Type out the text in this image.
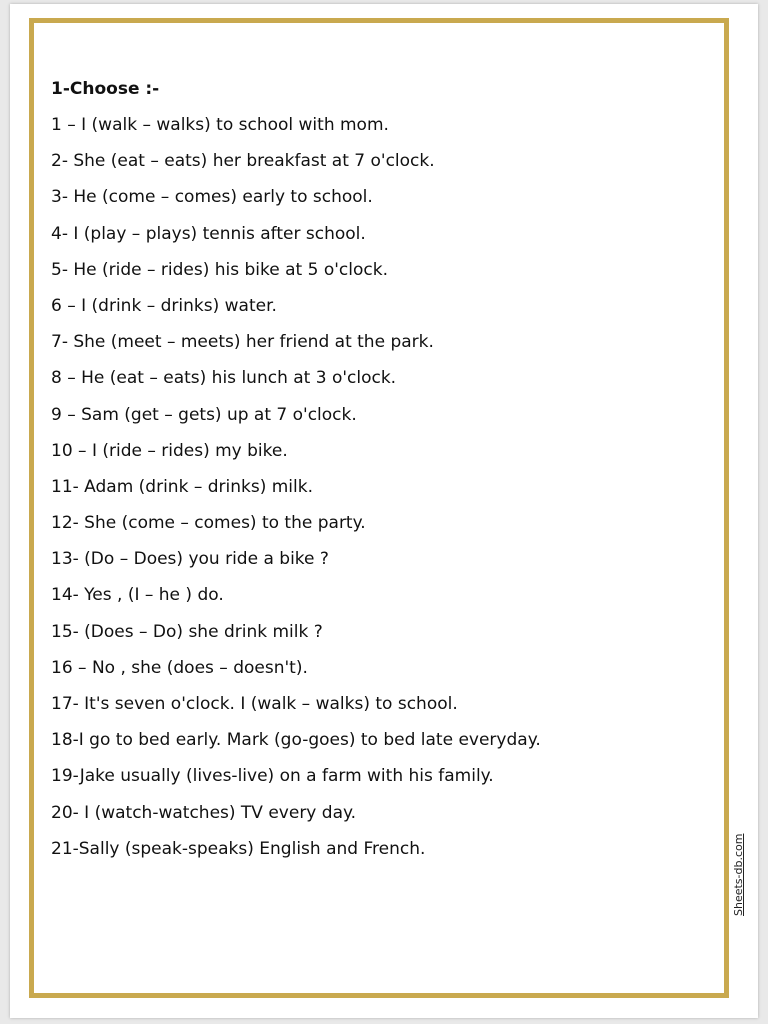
1-Choose :-
1 – I (walk – walks) to school with mom.
2- She (eat – eats) her breakfast at 7 o'clock.
3- He (come – comes) early to school.
4- I (play – plays) tennis after school.
5- He (ride – rides) his bike at 5 o'clock.
6 – I (drink – drinks) water.
7- She (meet – meets) her friend at the park.
8 – He (eat – eats) his lunch at 3 o'clock.
9 – Sam (get – gets) up at 7 o'clock.
10 – I (ride – rides) my bike.
11- Adam (drink – drinks) milk.
12- She (come – comes) to the party.
13- (Do – Does) you ride a bike ?
14- Yes , (I – he ) do.
15- (Does – Do) she drink milk ?
16 – No , she (does – doesn't).
17- It's seven o'clock. I (walk – walks) to school.
18-I go to bed early. Mark (go-goes) to bed late everyday.
19-Jake usually (lives-live) on a farm with his family.
20- I (watch-watches) TV every day.
21-Sally (speak-speaks) English and French.	Sheets-db.com
